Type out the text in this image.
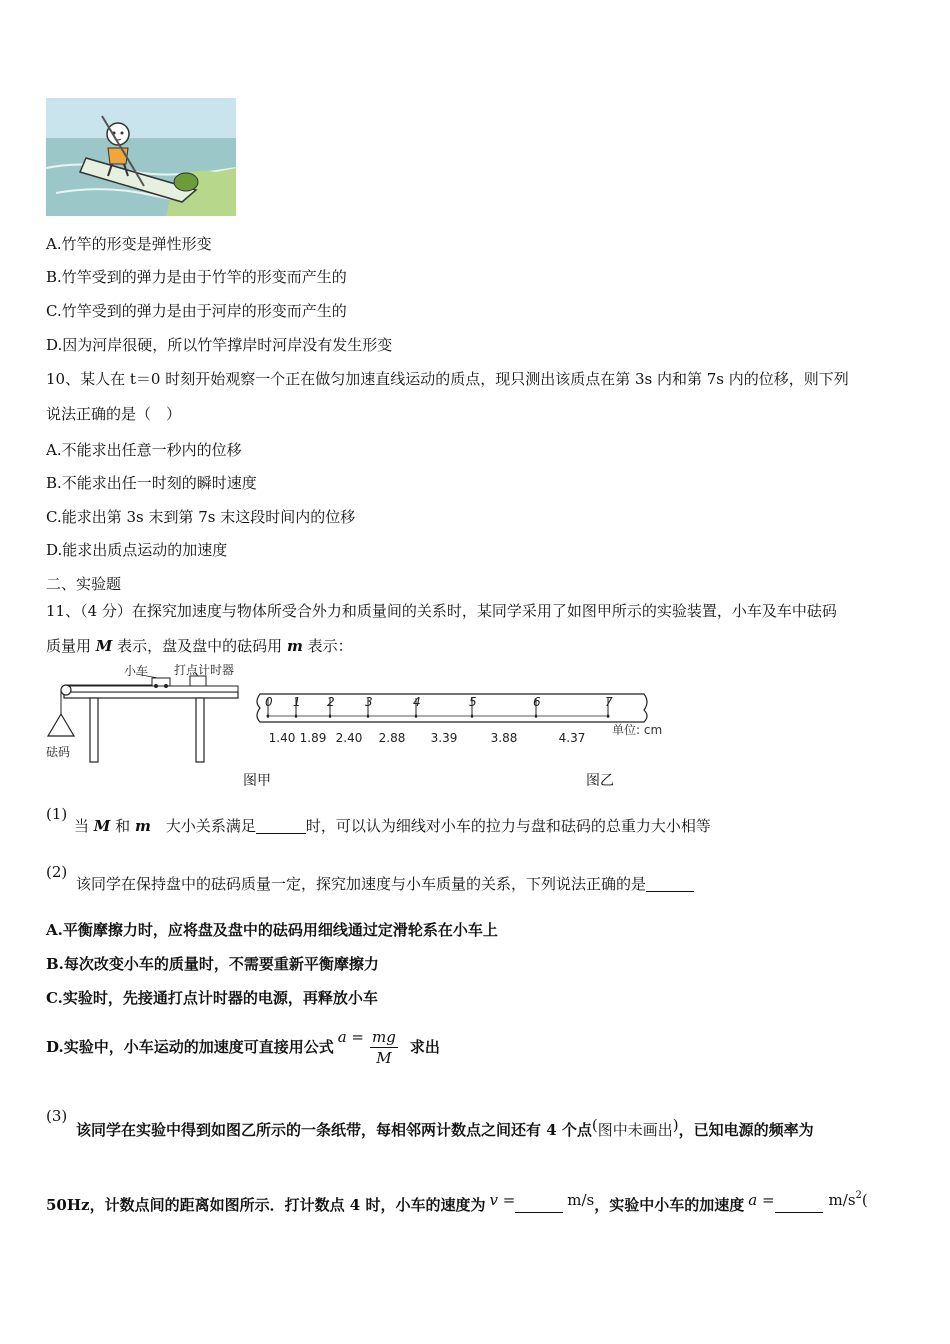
A.竹竿的形变是弹性形变
B.竹竿受到的弹力是由于竹竿的形变而产生的
C.竹竿受到的弹力是由于河岸的形变而产生的
D.因为河岸很硬，所以竹竿撑岸时河岸没有发生形变
10、某人在 t＝0 时刻开始观察一个正在做匀加速直线运动的质点，现只测出该质点在第 3s 内和第 7s 内的位移，则下列
说法正确的是（　）
A.不能求出任意一秒内的位移
B.不能求出任一时刻的瞬时速度
C.能求出第 3s 末到第 7s 末这段时间内的位移
D.能求出质点运动的加速度
二、实验题
11、（4 分）在探究加速度与物体所受合外力和质量间的关系时，某同学采用了如图甲所示的实验装置，小车及车中砝码
质量用 M 表示，盘及盘中的砝码用 m 表示：
小车 打点计时器
砝码
图甲
0 1 2	3	4	5	6	7
1.40 1.89 2.40 2.88 3.39	3.88	4.37
单位: cm
图乙
(1)
当 M 和 m　大小关系满足	时，可以认为细线对小车的拉力与盘和砝码的总重力大小相等
(2)
该同学在保持盘中的砝码质量一定，探究加速度与小车质量的关系，下列说法正确的是
A.平衡摩擦力时，应将盘及盘中的砝码用细线通过定滑轮系在小车上
B.每次改变小车的质量时，不需要重新平衡摩擦力
C.实验时，先接通打点计时器的电源，再释放小车
D.实验中，小车运动的加速度可直接用公式
$a = \frac{mg}{M}$ 求出
(3)
该同学在实验中得到如图乙所示的一条纸带，每相邻两计数点之间还有 4 个点(图中未画出)，已知电源的频率为
50Hz，计数点间的距离如图所示．打计数点 4 时，小车的速度为 v =	m/s，实验中小车的加速度 a =	$m/s^2$(
